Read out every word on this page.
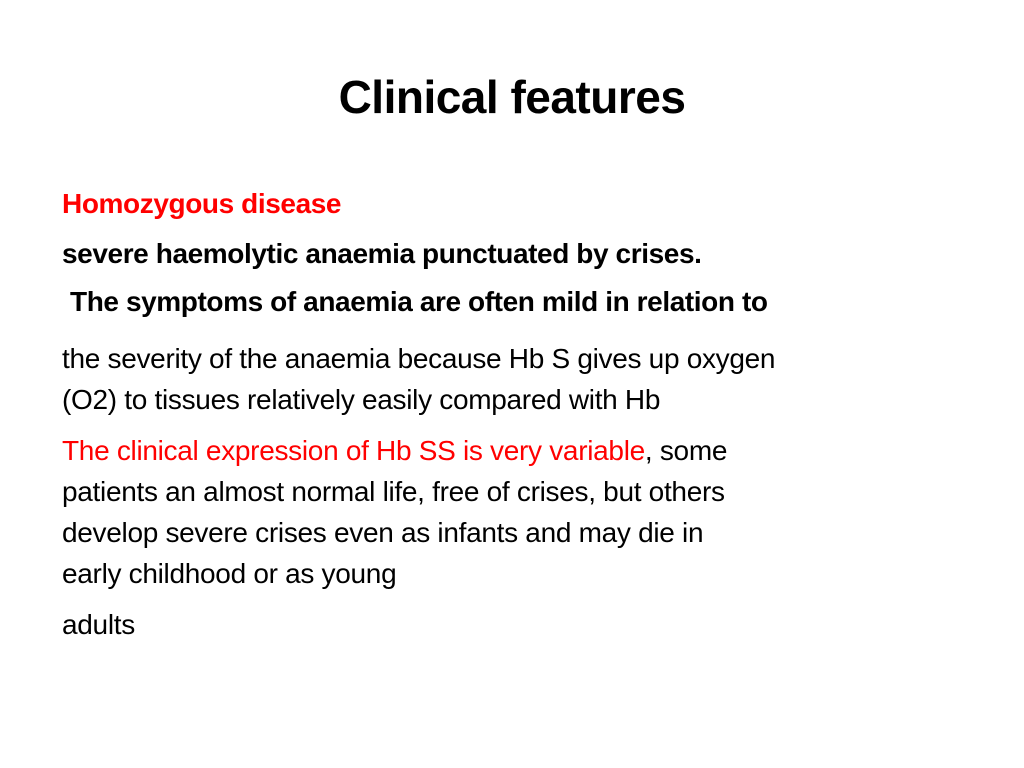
Clinical features
Homozygous disease
severe haemolytic anaemia punctuated by crises.
The symptoms of anaemia are often mild in relation to
the severity of the anaemia because Hb S gives up oxygen
(O2) to tissues relatively easily compared with Hb
The clinical expression of Hb SS is very variable, some
patients an almost normal life, free of crises, but others
develop severe crises even as infants and may die in
early childhood or as young
adults
